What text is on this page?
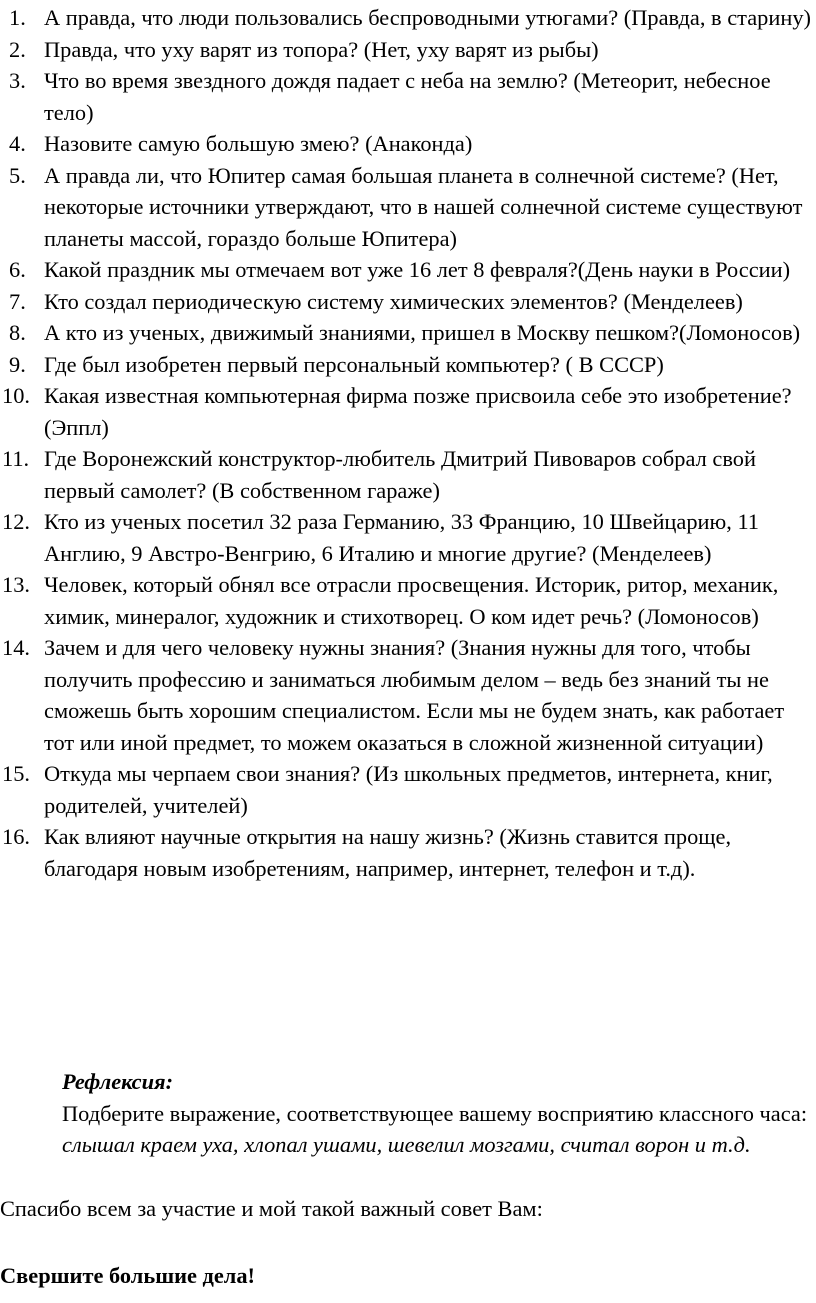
1. А правда, что люди пользовались беспроводными утюгами? (Правда, в старину)
2. Правда, что уху варят из топора? (Нет, уху варят из рыбы)
3. Что во время звездного дождя падает с неба на землю? (Метеорит, небесное тело)
4. Назовите самую большую змею? (Анаконда)
5. А правда ли, что Юпитер самая большая планета в солнечной системе? (Нет, некоторые источники утверждают, что в нашей солнечной системе существуют планеты массой, гораздо больше Юпитера)
6. Какой праздник мы отмечаем вот уже 16 лет 8 февраля?(День науки в России)
7. Кто создал периодическую систему химических элементов? (Менделеев)
8. А кто из ученых, движимый знаниями, пришел в Москву пешком?(Ломоносов)
9. Где был изобретен первый персональный компьютер? ( В СССР)
10. Какая известная компьютерная фирма позже присвоила себе это изобретение? (Эппл)
11. Где Воронежский конструктор-любитель Дмитрий Пивоваров собрал свой первый самолет? (В собственном гараже)
12. Кто из ученых посетил 32 раза Германию, 33 Францию, 10 Швейцарию, 11 Англию, 9 Австро-Венгрию, 6 Италию и многие другие? (Менделеев)
13. Человек, который обнял все отрасли просвещения. Историк, ритор, механик, химик, минералог, художник и стихотворец. О ком идет речь? (Ломоносов)
14. Зачем и для чего человеку нужны знания? (Знания нужны для того, чтобы получить профессию и заниматься любимым делом – ведь без знаний ты не сможешь быть хорошим специалистом. Если мы не будем знать, как работает тот или иной предмет, то можем оказаться в сложной жизненной ситуации)
15. Откуда мы черпаем свои знания? (Из школьных предметов, интернета, книг, родителей, учителей)
16. Как влияют научные открытия на нашу жизнь? (Жизнь ставится проще, благодаря новым изобретениям, например, интернет, телефон и т.д).
Рефлексия:
Подберите выражение, соответствующее вашему восприятию классного часа: слышал краем уха, хлопал ушами, шевелил мозгами, считал ворон и т.д.
Спасибо всем за участие и мой такой важный совет Вам:
Свершите большие дела!
